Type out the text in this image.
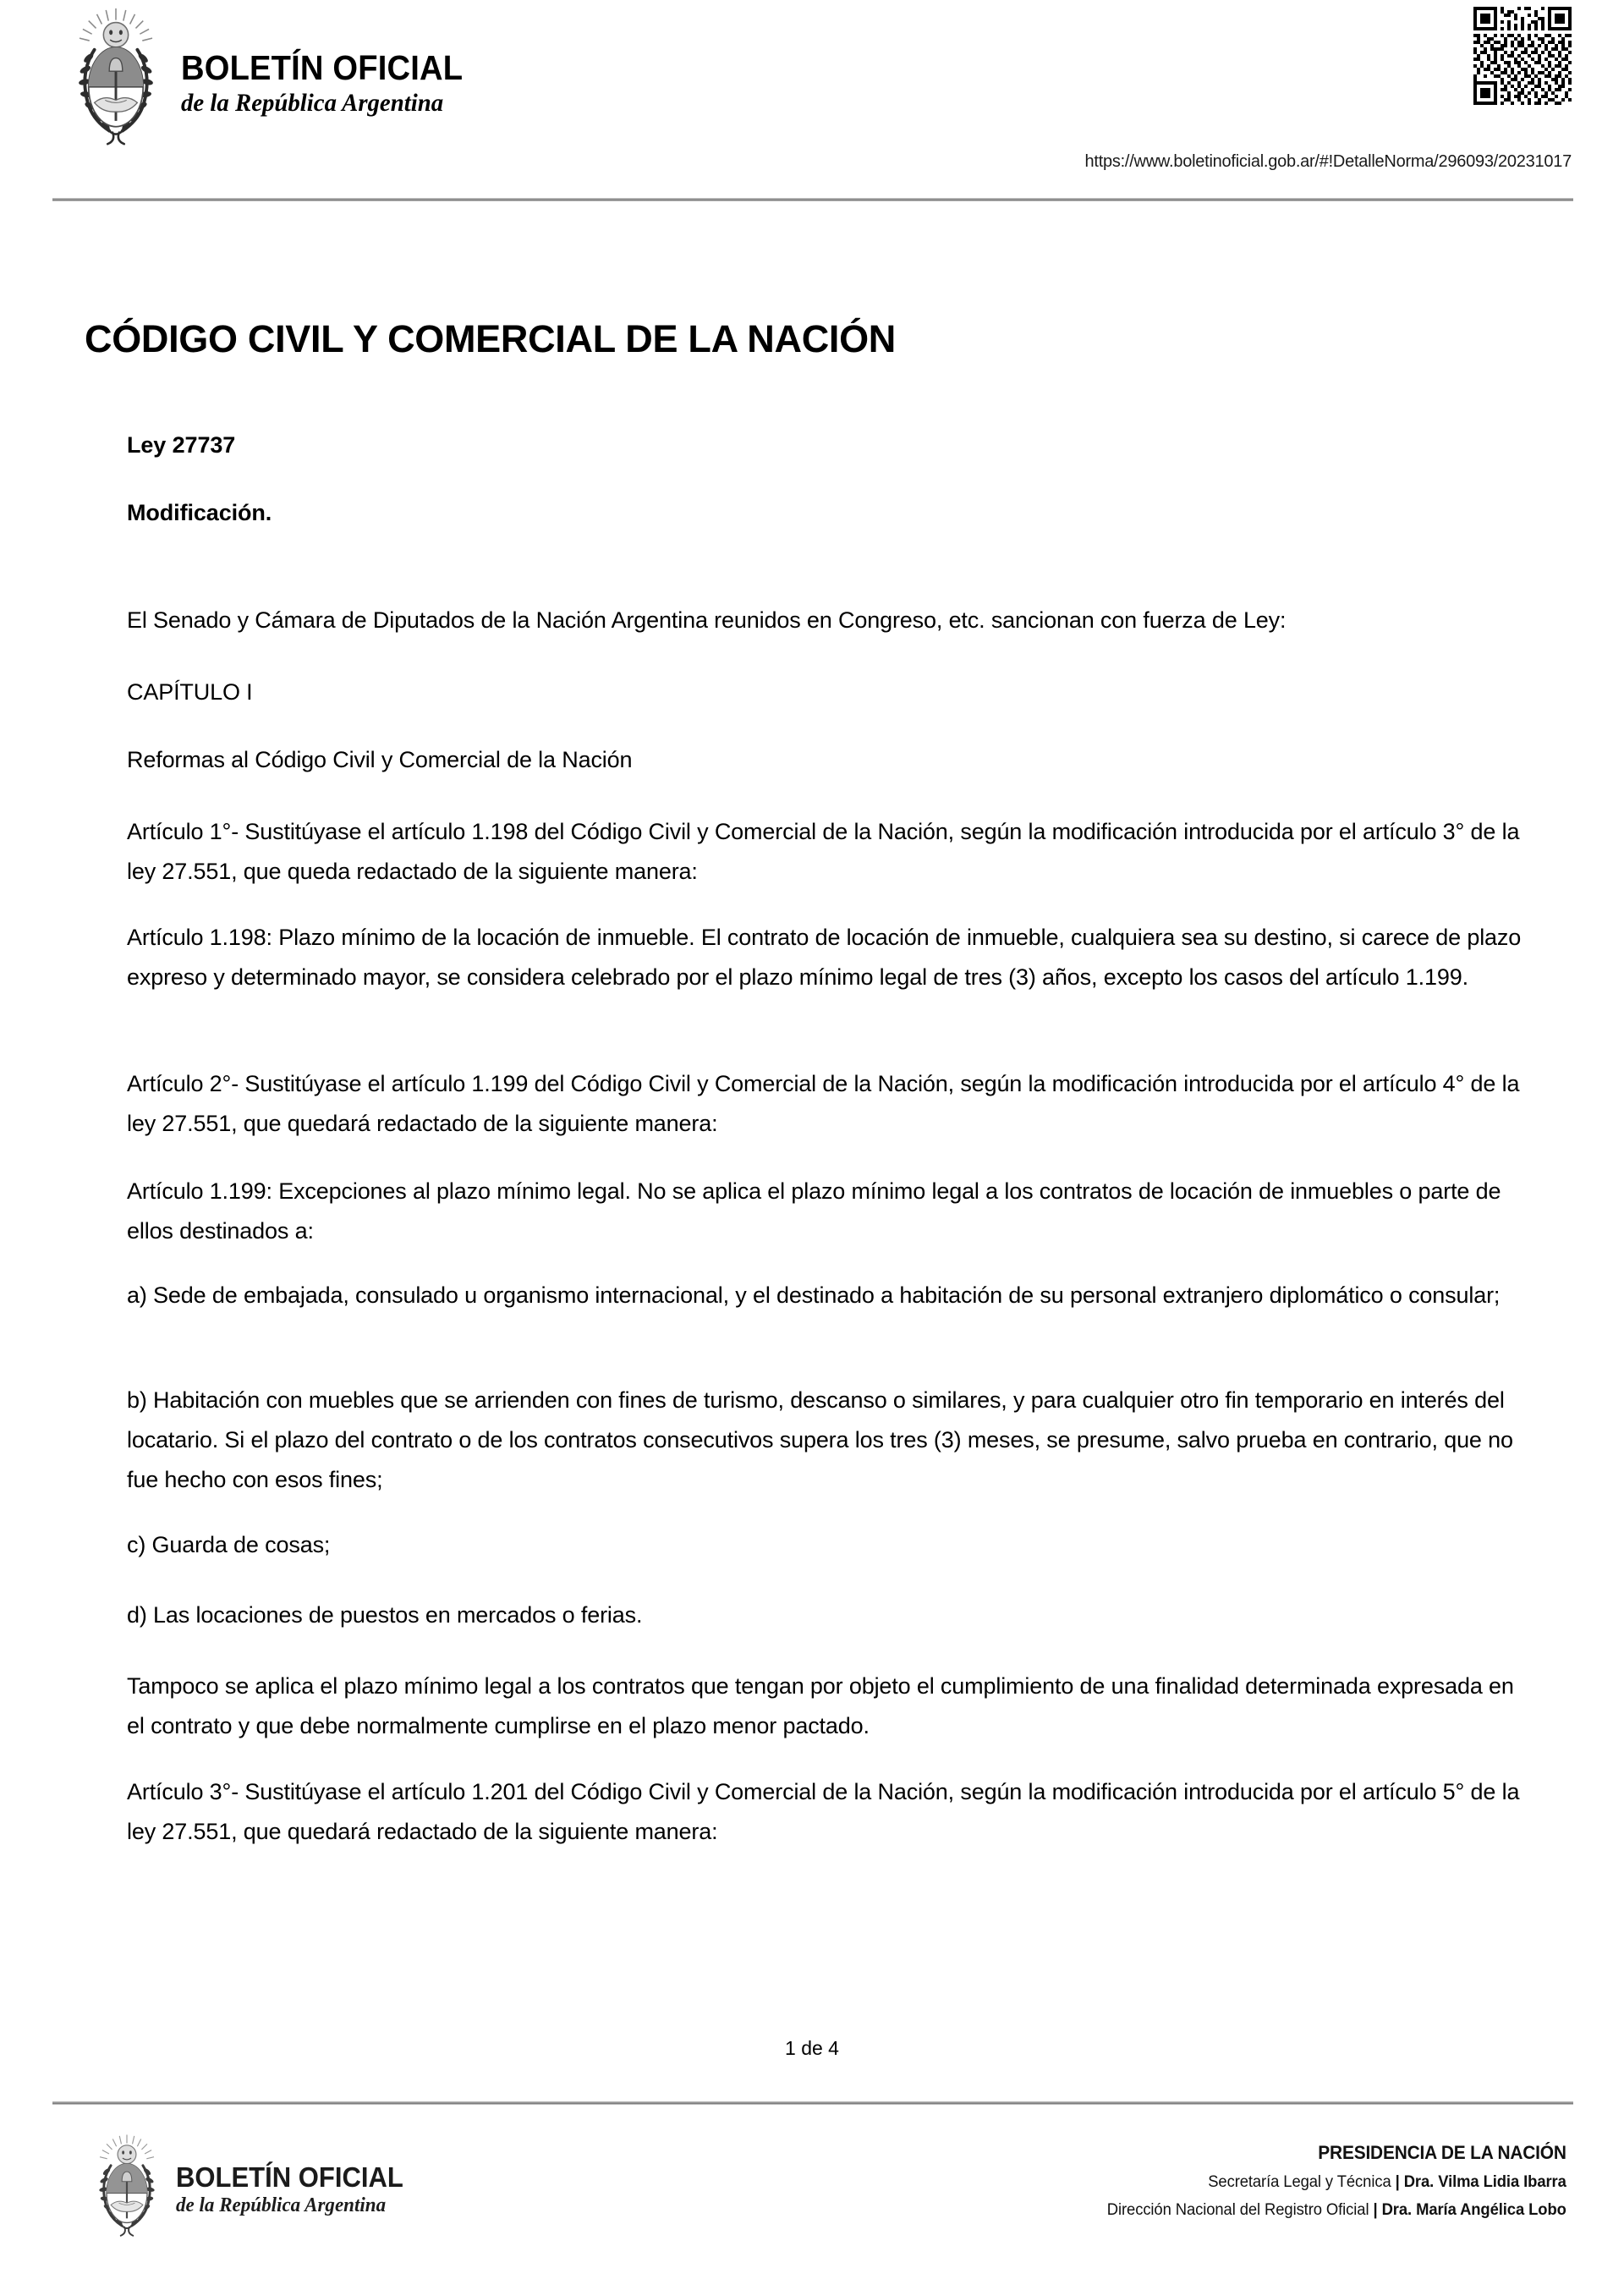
BOLETÍN OFICIAL
de la República Argentina
https://www.boletinoficial.gob.ar/#!DetalleNorma/296093/20231017
CÓDIGO CIVIL Y COMERCIAL DE LA NACIÓN
Ley 27737
Modificación.

El Senado y Cámara de Diputados de la Nación Argentina reunidos en Congreso, etc. sancionan con fuerza de Ley:

CAPÍTULO I

Reformas al Código Civil y Comercial de la Nación

Artículo 1°- Sustitúyase el artículo 1.198 del Código Civil y Comercial de la Nación, según la modificación introducida por el artículo 3° de la ley 27.551, que queda redactado de la siguiente manera:

Artículo 1.198: Plazo mínimo de la locación de inmueble. El contrato de locación de inmueble, cualquiera sea su destino, si carece de plazo expreso y determinado mayor, se considera celebrado por el plazo mínimo legal de tres (3) años, excepto los casos del artículo 1.199.

Artículo 2°- Sustitúyase el artículo 1.199 del Código Civil y Comercial de la Nación, según la modificación introducida por el artículo 4° de la ley 27.551, que quedará redactado de la siguiente manera:

Artículo 1.199: Excepciones al plazo mínimo legal. No se aplica el plazo mínimo legal a los contratos de locación de inmuebles o parte de ellos destinados a:

a) Sede de embajada, consulado u organismo internacional, y el destinado a habitación de su personal extranjero diplomático o consular;

b) Habitación con muebles que se arrienden con fines de turismo, descanso o similares, y para cualquier otro fin temporario en interés del locatario. Si el plazo del contrato o de los contratos consecutivos supera los tres (3) meses, se presume, salvo prueba en contrario, que no fue hecho con esos fines;

c) Guarda de cosas;

d) Las locaciones de puestos en mercados o ferias.

Tampoco se aplica el plazo mínimo legal a los contratos que tengan por objeto el cumplimiento de una finalidad determinada expresada en el contrato y que debe normalmente cumplirse en el plazo menor pactado.

Artículo 3°- Sustitúyase el artículo 1.201 del Código Civil y Comercial de la Nación, según la modificación introducida por el artículo 5° de la ley 27.551, que quedará redactado de la siguiente manera:

1 de 4
BOLETÍN OFICIAL
de la República Argentina
PRESIDENCIA DE LA NACIÓN
Secretaría Legal y Técnica | Dra. Vilma Lidia Ibarra
Dirección Nacional del Registro Oficial | Dra. María Angélica Lobo
